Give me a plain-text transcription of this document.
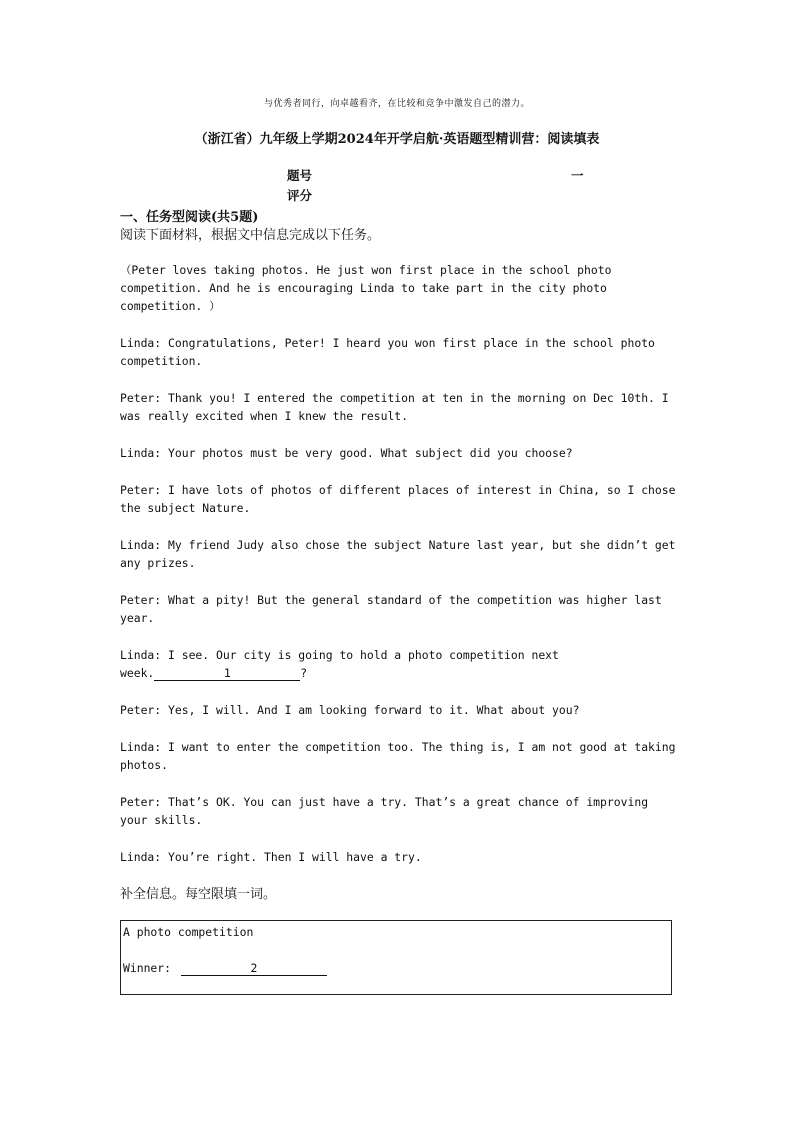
与优秀者同行，向卓越看齐，在比较和竞争中激发自己的潜力。
（浙江省）九年级上学期2024年开学启航·英语题型精训营：阅读填表
题号	一
评分
一、任务型阅读(共5题)
阅读下面材料，根据文中信息完成以下任务。

（Peter loves taking photos. He just won first place in the school photo competition. And he is encouraging Linda to take part in the city photo competition. ）

Linda: Congratulations, Peter! I heard you won first place in the school photo competition.

Peter: Thank you! I entered the competition at ten in the morning on Dec 10th. I was really excited when I knew the result.

Linda: Your photos must be very good. What subject did you choose?

Peter: I have lots of photos of different places of interest in China, so I chose the subject Nature.

Linda: My friend Judy also chose the subject Nature last year, but she didn’t get any prizes.

Peter: What a pity! But the general standard of the competition was higher last year.

Linda: I see. Our city is going to hold a photo competition next week.	1	?

Peter: Yes, I will. And I am looking forward to it. What about you?

Linda: I want to enter the competition too. The thing is, I am not good at taking photos.

Peter: That’s OK. You can just have a try. That’s a great chance of improving your skills.

Linda: You’re right. Then I will have a try.

补全信息。每空限填一词。
A photo competition
Winner:	2
